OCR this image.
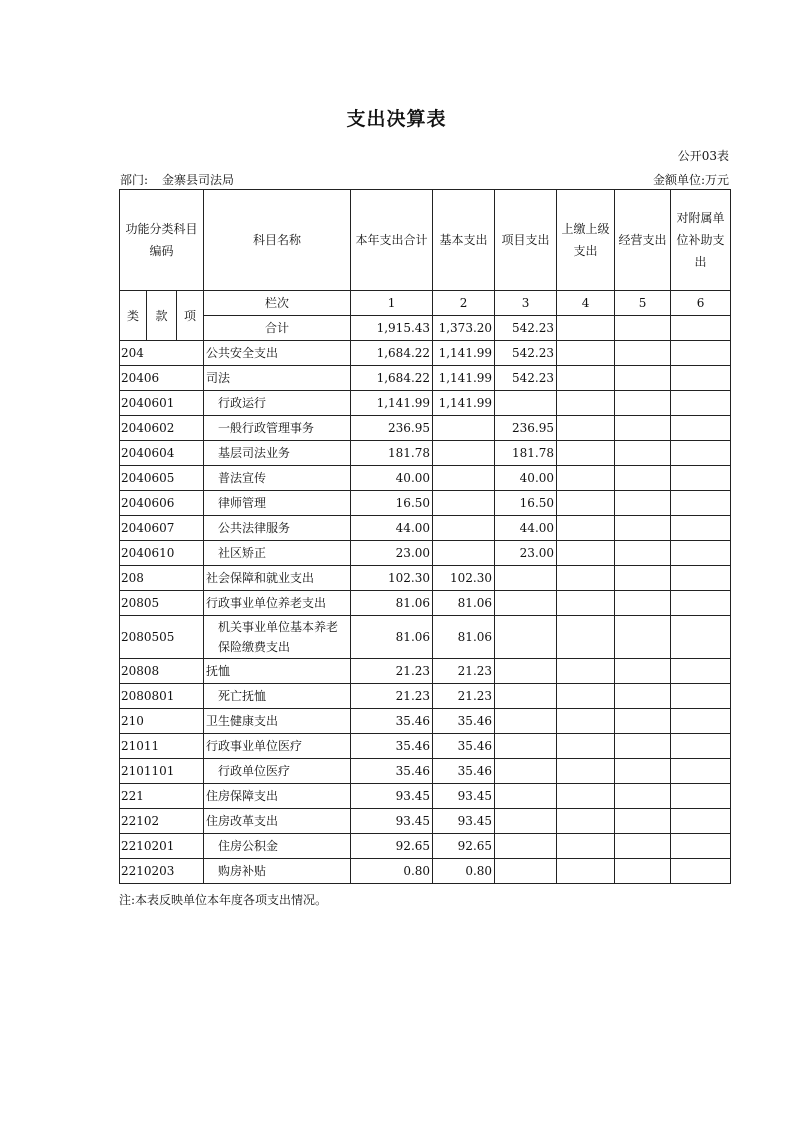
支出决算表
公开03表
部门: 金寨县司法局	金额单位:万元
功能分类科目编码			科目名称	本年支出合计	基本支出	项目支出	上缴上级支出	经营支出	对附属单位补助支出
类	款	项	栏次	1	2	3	4	5	6
			合计	1,915.43	1,373.20	542.23			
204			公共安全支出	1,684.22	1,141.99	542.23			
20406			司法	1,684.22	1,141.99	542.23			
2040601			行政运行	1,141.99	1,141.99				
2040602			一般行政管理事务	236.95		236.95			
2040604			基层司法业务	181.78		181.78			
2040605			普法宣传	40.00		40.00			
2040606			律师管理	16.50		16.50			
2040607			公共法律服务	44.00		44.00			
2040610			社区矫正	23.00		23.00			
208			社会保障和就业支出	102.30	102.30				
20805			行政事业单位养老支出	81.06	81.06				
2080505			机关事业单位基本养老保险缴费支出	81.06	81.06				
20808			抚恤	21.23	21.23				
2080801			死亡抚恤	21.23	21.23				
210			卫生健康支出	35.46	35.46				
21011			行政事业单位医疗	35.46	35.46				
2101101			行政单位医疗	35.46	35.46				
221			住房保障支出	93.45	93.45				
22102			住房改革支出	93.45	93.45				
2210201			住房公积金	92.65	92.65				
2210203			购房补贴	0.80	0.80				
注:本表反映单位本年度各项支出情况。
